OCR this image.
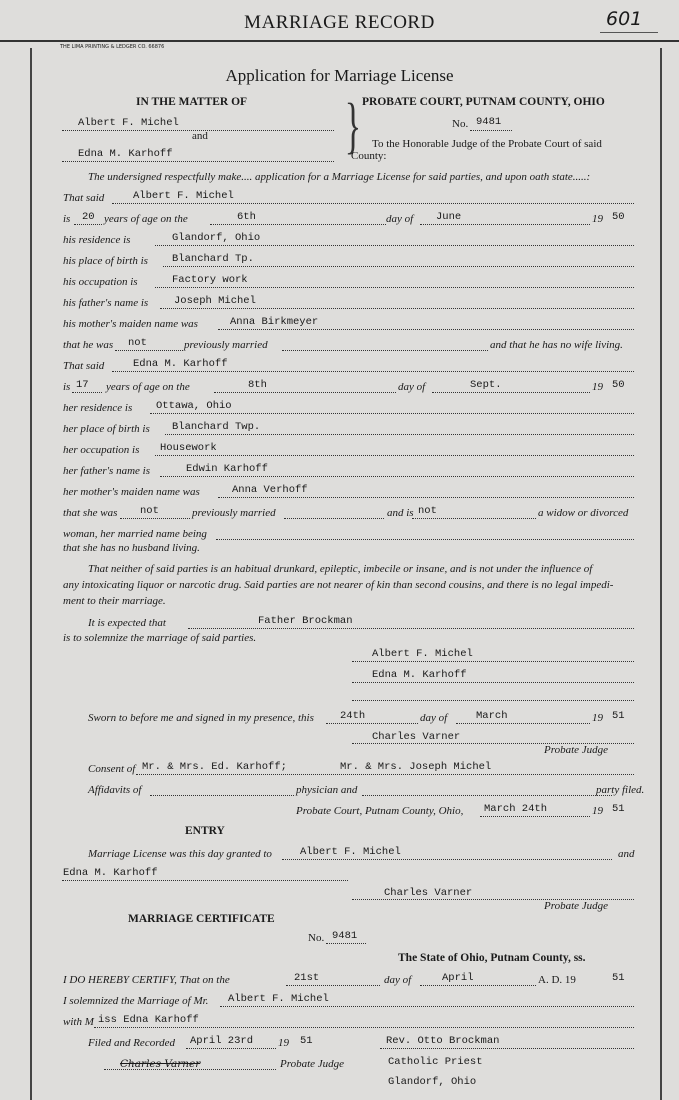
MARRIAGE RECORD	601
THE LIMA PRINTING & LEDGER CO. 66876
Application for Marriage License
IN THE MATTER OF
Albert F. Michel
and
Edna M. Karhoff	} PROBATE COURT, PUTNAM COUNTY, OHIO
No. 9481
To the Honorable Judge of the Probate Court of said
County:
The undersigned respectfully make.... application for a Marriage License for said parties, and upon oath state.....:
That said	Albert F. Michel
is 20 years of age on the	6th	day of June	19 50
his residence is	Glandorf, Ohio
his place of birth is Blanchard Tp.
his occupation is	Factory work
his father's name is Joseph Michel
his mother's maiden name was	Anna Birkmeyer
that he was not	previously married	and that he has no wife living.
That said	Edna M. Karhoff
is 17 years of age on the	8th	day of	Sept.	19 50
her residence is Ottawa, Ohio
her place of birth is Blanchard Twp.
her occupation is Housework
her father's name is	Edwin Karhoff
her mother's maiden name was	Anna Verhoff
that she was not	previously married	and is not	a widow or divorced
woman, her married name being
that she has no husband living.
That neither of said parties is an habitual drunkard, epileptic, imbecile or insane, and is not under the influence of
any intoxicating liquor or narcotic drug. Said parties are not nearer of kin than second cousins, and there is no legal impedi-
ment to their marriage.
It is expected that	Father Brockman
is to solemnize the marriage of said parties.
Albert F. Michel
Edna M. Karhoff
Sworn to before me and signed in my presence, this 24th	day of	March	19 51
Charles Varner
Probate Judge
Consent of Mr. & Mrs. Ed. Karhoff;	Mr. & Mrs. Joseph Michel
Affidavits of	physician and	party filed.
Probate Court, Putnam County, Ohio, March 24th	19 51
ENTRY
Marriage License was this day granted to	Albert F. Michel	and
Edna M. Karhoff
Charles Varner
Probate Judge
MARRIAGE CERTIFICATE
No. 9481
The State of Ohio, Putnam County, ss.
I DO HEREBY CERTIFY, That on the	21st	day of	April	A. D. 19	51
I solemnized the Marriage of Mr. Albert F. Michel
with M iss Edna Karhoff
Filed and Recorded April 23rd 19 51	Rev. Otto Brockman
Charles Varner	Probate Judge	Catholic Priest
Glandorf, Ohio
